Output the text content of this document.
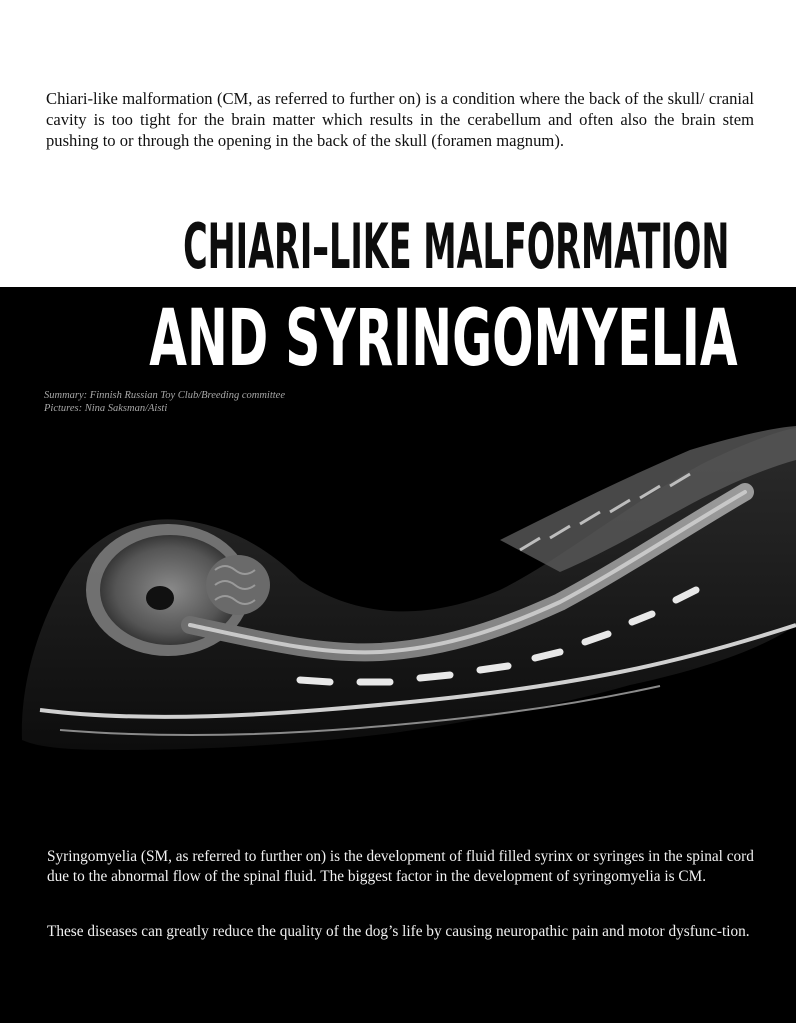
Chiari-like malformation (CM, as referred to further on) is a condition where the back of the skull/ cranial cavity is too tight for the brain matter which results in the cerabellum and often also the brain stem pushing to or through the opening in the back of the skull (foramen magnum).

CHIARI–LIKE MALFORMATION
AND SYRINGOMYELIA

Summary: Finnish Russian Toy Club/Breeding committee
Pictures: Nina Saksman/Aisti

Syringomyelia (SM, as referred to further on) is the development of fluid filled syrinx or syringes in the spinal cord due to the abnormal flow of the spinal fluid. The biggest factor in the development of syringomyelia is CM.

These diseases can greatly reduce the quality of the dog’s life by causing neuropathic pain and motor dysfunc-tion.
